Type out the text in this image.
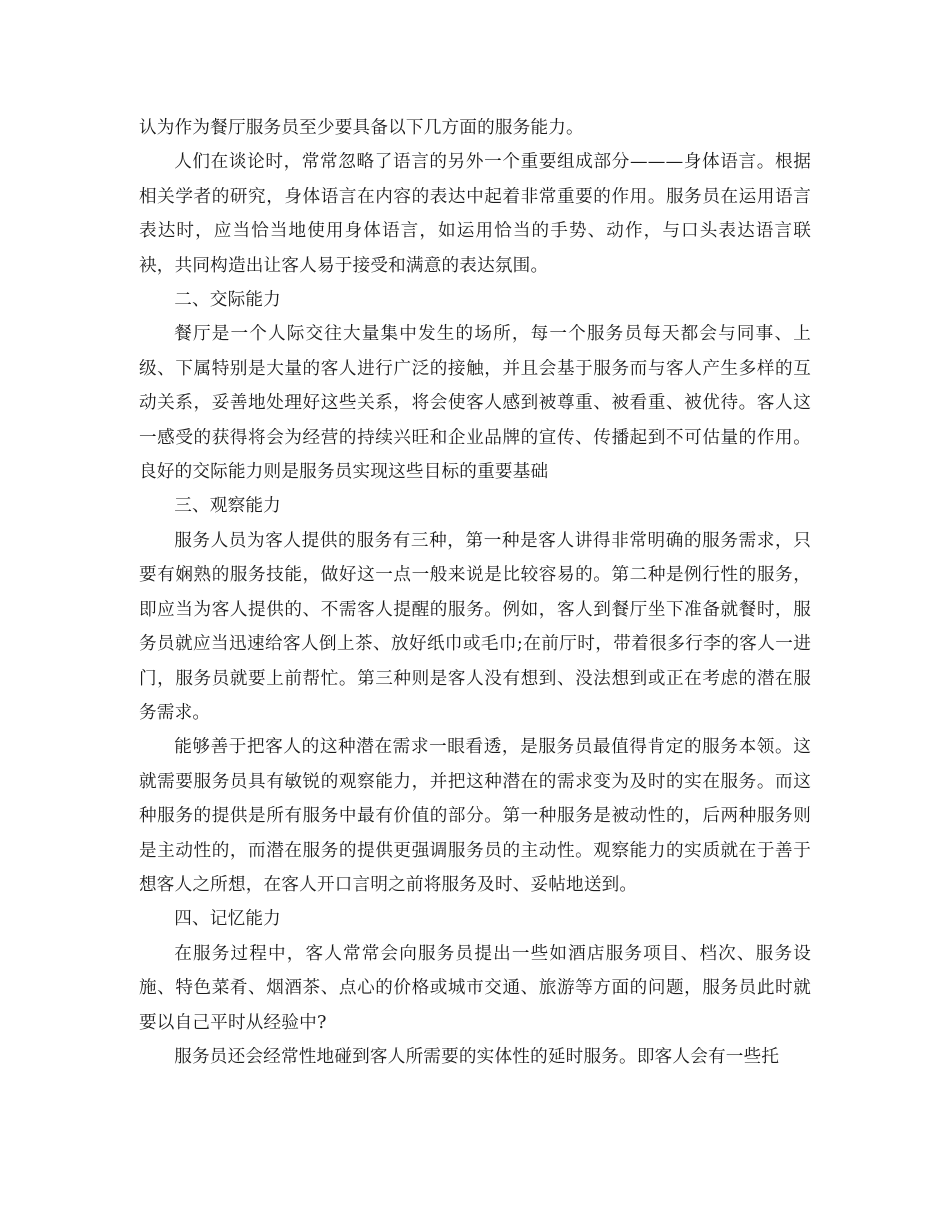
认为作为餐厅服务员至少要具备以下几方面的服务能力。

人们在谈论时，常常忽略了语言的另外一个重要组成部分———身体语言。根据相关学者的研究，身体语言在内容的表达中起着非常重要的作用。服务员在运用语言表达时，应当恰当地使用身体语言，如运用恰当的手势、动作，与口头表达语言联袂，共同构造出让客人易于接受和满意的表达氛围。

二、交际能力

餐厅是一个人际交往大量集中发生的场所，每一个服务员每天都会与同事、上级、下属特别是大量的客人进行广泛的接触，并且会基于服务而与客人产生多样的互动关系，妥善地处理好这些关系，将会使客人感到被尊重、被看重、被优待。客人这一感受的获得将会为经营的持续兴旺和企业品牌的宣传、传播起到不可估量的作用。良好的交际能力则是服务员实现这些目标的重要基础

三、观察能力

服务人员为客人提供的服务有三种，第一种是客人讲得非常明确的服务需求，只要有娴熟的服务技能，做好这一点一般来说是比较容易的。第二种是例行性的服务，即应当为客人提供的、不需客人提醒的服务。例如，客人到餐厅坐下准备就餐时，服务员就应当迅速给客人倒上茶、放好纸巾或毛巾;在前厅时，带着很多行李的客人一进门，服务员就要上前帮忙。第三种则是客人没有想到、没法想到或正在考虑的潜在服务需求。

能够善于把客人的这种潜在需求一眼看透，是服务员最值得肯定的服务本领。这就需要服务员具有敏锐的观察能力，并把这种潜在的需求变为及时的实在服务。而这种服务的提供是所有服务中最有价值的部分。第一种服务是被动性的，后两种服务则是主动性的，而潜在服务的提供更强调服务员的主动性。观察能力的实质就在于善于想客人之所想，在客人开口言明之前将服务及时、妥帖地送到。

四、记忆能力

在服务过程中，客人常常会向服务员提出一些如酒店服务项目、档次、服务设施、特色菜肴、烟酒茶、点心的价格或城市交通、旅游等方面的问题，服务员此时就要以自己平时从经验中?

服务员还会经常性地碰到客人所需要的实体性的延时服务。即客人会有一些托
